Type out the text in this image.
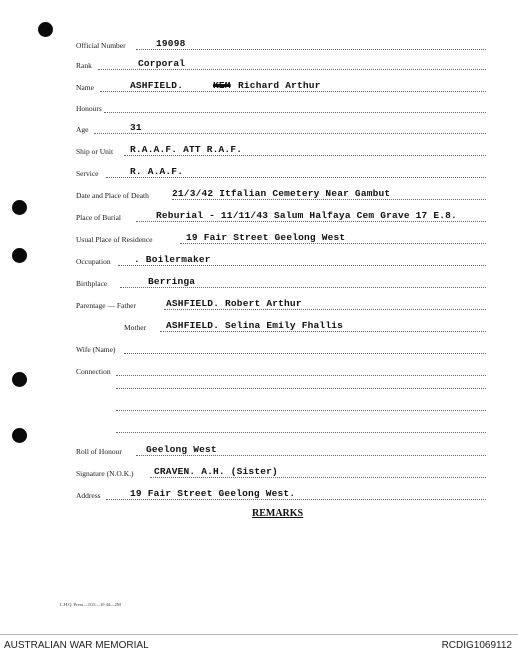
Official Number	19098
Rank	Corporal
Name	ASHFIELD.	KEM Richard Arthur
Honours
Age	31
Ship or Unit R.A.A.F. ATT R.A.F.
Service	R. A.A.F.
Date and Place of Death 21/3/42 Itfalian Cemetery Near Gambut
Place of Burial	Reburial - 11/11/43 Salum Halfaya Cem Grave 17 E.8.
Usual Place of Residence	19 Fair Street Geelong West
Occupation . Boilermaker
Birthplace	Berringa
Parentage — Father	ASHFIELD. Robert Arthur
Mother ASHFIELD. Selina Emily Fhallis
Wife (Name)
Connection
Roll of Honour	Geelong West
Signature (N.O.K.) CRAVEN. A.H. (Sister)
Address	19 Fair Street Geelong West.
REMARKS
L.H.Q. Press—1G5—10 44—2M
AUSTRALIAN WAR MEMORIAL	RCDIG1069112
